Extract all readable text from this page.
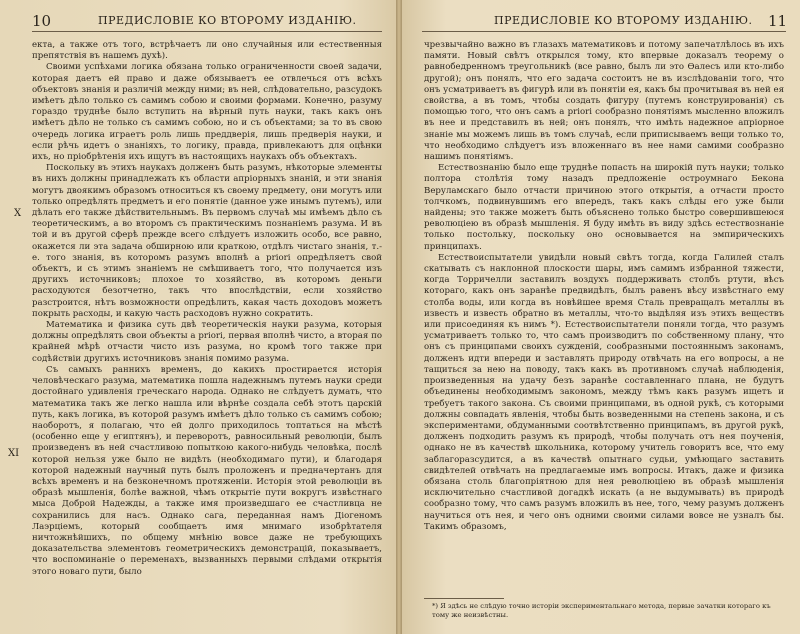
10	ПРЕДИСЛОВІЕ КО ВТОРОМУ ИЗДАНІЮ.
X
XI

екта, а также отъ того, встрѣчаетъ ли оно случайныя или естественныя препятствія въ нашемъ духѣ).

Своими успѣхами логика обязана только ограниченности своей задачи, которая даетъ ей право и даже обязываетъ ее отвлечься отъ всѣхъ объектовъ знанія и различій между ними; въ ней, слѣдовательно, разсудокъ имѣетъ дѣло только съ самимъ собою и своими формами. Конечно, разуму гораздо труднѣе было вступить на вѣрный путь науки, такъ какъ онъ имѣетъ дѣло не только съ самимъ собою, но и съ объектами; за то въ свою очередь логика играетъ роль лишь преддверія, лишь предверія науки, и если рѣчь идетъ о знаніяхъ, то логику, правда, привлекаютъ для оцѣнки ихъ, но пріобрѣтенія ихъ ищутъ въ настоящихъ наукахъ объ объектахъ.

Поскольку въ этихъ наукахъ долженъ быть разумъ, нѣкоторые элементы въ нихъ должны принадлежать къ области апріорныхъ знаній, и эти знанія могутъ двоякимъ образомъ относиться къ своему предмету, они могутъ или только опредѣлять предметъ и его понятіе (данное уже инымъ путемъ), или дѣлать его также дѣйствительнымъ. Въ первомъ случаѣ мы имѣемъ дѣло съ теоретическимъ, а во второмъ съ практическимъ познаніемъ разума. И въ той и въ другой сферѣ прежде всего слѣдуетъ изложить особо, все равно, окажется ли эта задача обширною или краткою, отдѣлъ чистаго знанія, т.-е. того знанія, въ которомъ разумъ вполнѣ a priori опредѣляетъ свой объектъ, и съ этимъ знаніемъ не смѣшиваетъ того, что получается изъ другихъ источниковъ; плохое то хозяйство, въ которомъ деньги расходуются безотчетно, такъ что впослѣдствіи, если хозяйство разстроится, нѣтъ возможности опредѣлить, какая часть доходовъ можетъ покрыть расходы, и какую часть расходовъ нужно сократить.

Математика и физика суть двѣ теоретическія науки разума, которыя должны опредѣлять свои объекты a priori, первая вполнѣ чисто, а вторая по крайней мѣрѣ отчасти чисто изъ разума, но кромѣ того также при содѣйствіи другихъ источниковъ знанія помимо разума.

Съ самыхъ раннихъ временъ, до какихъ простирается исторія человѣческаго разума, математика пошла надежнымъ путемъ науки среди достойнаго удивленія греческаго народа. Однако не слѣдуетъ думать, что математика такъ же легко нашла или вѣрнѣе создала себѣ этотъ царскій путь, какъ логика, въ которой разумъ имѣетъ дѣло только съ самимъ собою; наоборотъ, я полагаю, что ей долго приходилось топтаться на мѣстѣ (особенно еще у египтянъ), и переворотъ, равносильный революціи, былъ произведенъ въ ней счастливою попыткою какого-нибудь человѣка, послѣ которой нельзя уже было не видѣть (необходимаго пути), и благодаря которой надежный научный путь былъ проложенъ и предначертанъ для всѣхъ временъ и на безконечномъ протяженіи. Исторія этой революціи въ образѣ мышленія, болѣе важной, чѣмъ открытіе пути вокругъ извѣстнаго мыса Доброй Надежды, а также имя произведшаго ее счастливца не сохранились для насъ. Однако сага, переданная намъ Діогеномъ Лаэрціемъ, который сообщаетъ имя мнимаго изобрѣтателя ничтожнѣйшихъ, по общему мнѣнію вовсе даже не требующихъ доказательства элементовъ геометрическихъ демонстрацій, показываетъ, что воспоминаніе о переменахъ, вызванныхъ первыми слѣдами открытія этого новаго пути, было

ПРЕДИСЛОВІЕ КО ВТОРОМУ ИЗДАНІЮ. 11

чрезвычайно важно въ глазахъ математиковъ и потому запечатлѣлось въ ихъ памяти. Новый свѣтъ открылся тому, кто впервые доказалъ теорему о равнобедренномъ треугольникѣ (все равно, былъ ли это Өалесъ или кто-либо другой); онъ понялъ, что его задача состоитъ не въ изслѣдованіи того, что онъ усматриваетъ въ фигурѣ или въ понятіи ея, какъ бы прочитывая въ ней ея свойства, а въ томъ, чтобы создать фигуру (путемъ конструированія) съ помощью того, что онъ самъ a priori сообразно понятіямъ мысленно вложилъ въ нее и представилъ въ ней; онъ понялъ, что имѣть надежное апріорное знаніе мы можемъ лишь въ томъ случаѣ, если приписываемъ вещи только то, что необходимо слѣдуетъ изъ вложеннаго въ нее нами самими сообразно нашимъ понятіямъ.

Естествознанію было еще труднѣе попасть на широкій путь науки; только полтора столѣтія тому назадъ предложеніе остроумнаго Бекона Веруламскаго было отчасти причиною этого открытія, а отчасти просто толчкомъ, подвинувшимъ его впередъ, такъ какъ слѣды его уже были найдены; это также можетъ быть объяснено только быстро совершившеюся революціею въ образѣ мышленія. Я буду имѣть въ виду здѣсь естествознаніе только постольку, поскольку оно основывается на эмпирическихъ принципахъ.

Естествоиспытатели увидѣли новый свѣтъ тогда, когда Галилей сталъ скатывать съ наклонной плоскости шары, имъ самимъ избранной тяжести, когда Торричелли заставилъ воздухъ поддерживать столбъ ртути, вѣсъ котораго, какъ онъ заранѣе предвидѣлъ, былъ равенъ вѣсу извѣстнаго ему столба воды, или когда въ новѣйшее время Сталь превращалъ металлы въ известь и известь обратно въ металлы, что-то выдѣляя изъ этихъ веществъ или присоединяя къ нимъ *). Естествоиспытатели поняли тогда, что разумъ усматриваетъ только то, что самъ производитъ по собственному плану, что онъ съ принципами своихъ сужденій, сообразными постояннымъ законамъ, долженъ идти впереди и заставлять природу отвѣчать на его вопросы, а не тащиться за нею на поводу, такъ какъ въ противномъ случаѣ наблюденія, произведенныя на удачу безъ заранѣе составленнаго плана, не будутъ объединены необходимымъ закономъ, между тѣмъ какъ разумъ ищетъ и требуетъ такого закона. Съ своими принципами, въ одной рукѣ, съ которыми должны совпадать явленія, чтобы быть возведенными на степень закона, и съ экспериментами, обдуманными соотвѣтственно принципамъ, въ другой рукѣ, долженъ подходить разумъ къ природѣ, чтобы получать отъ нея поученія, однако не въ качествѣ школьника, которому учитель говоритъ все, что ему заблагоразсудится, а въ качествѣ опытнаго судьи, умѣющаго заставить свидѣтелей отвѣчать на предлагаемые имъ вопросы. Итакъ, даже и физика обязана столь благопріятною для нея революціею въ образѣ мышленія исключительно счастливой догадкѣ искать (а не выдумывать) въ природѣ сообразно тому, что самъ разумъ вложилъ въ нее, того, чему разумъ долженъ научиться отъ нея, и чего онъ одними своими силами вовсе не узналъ бы. Такимъ образомъ,

*) Я здѣсь не слѣдую точно исторіи экспериментальнаго метода, первые зачатки котораго къ тому же неизвѣстны.
